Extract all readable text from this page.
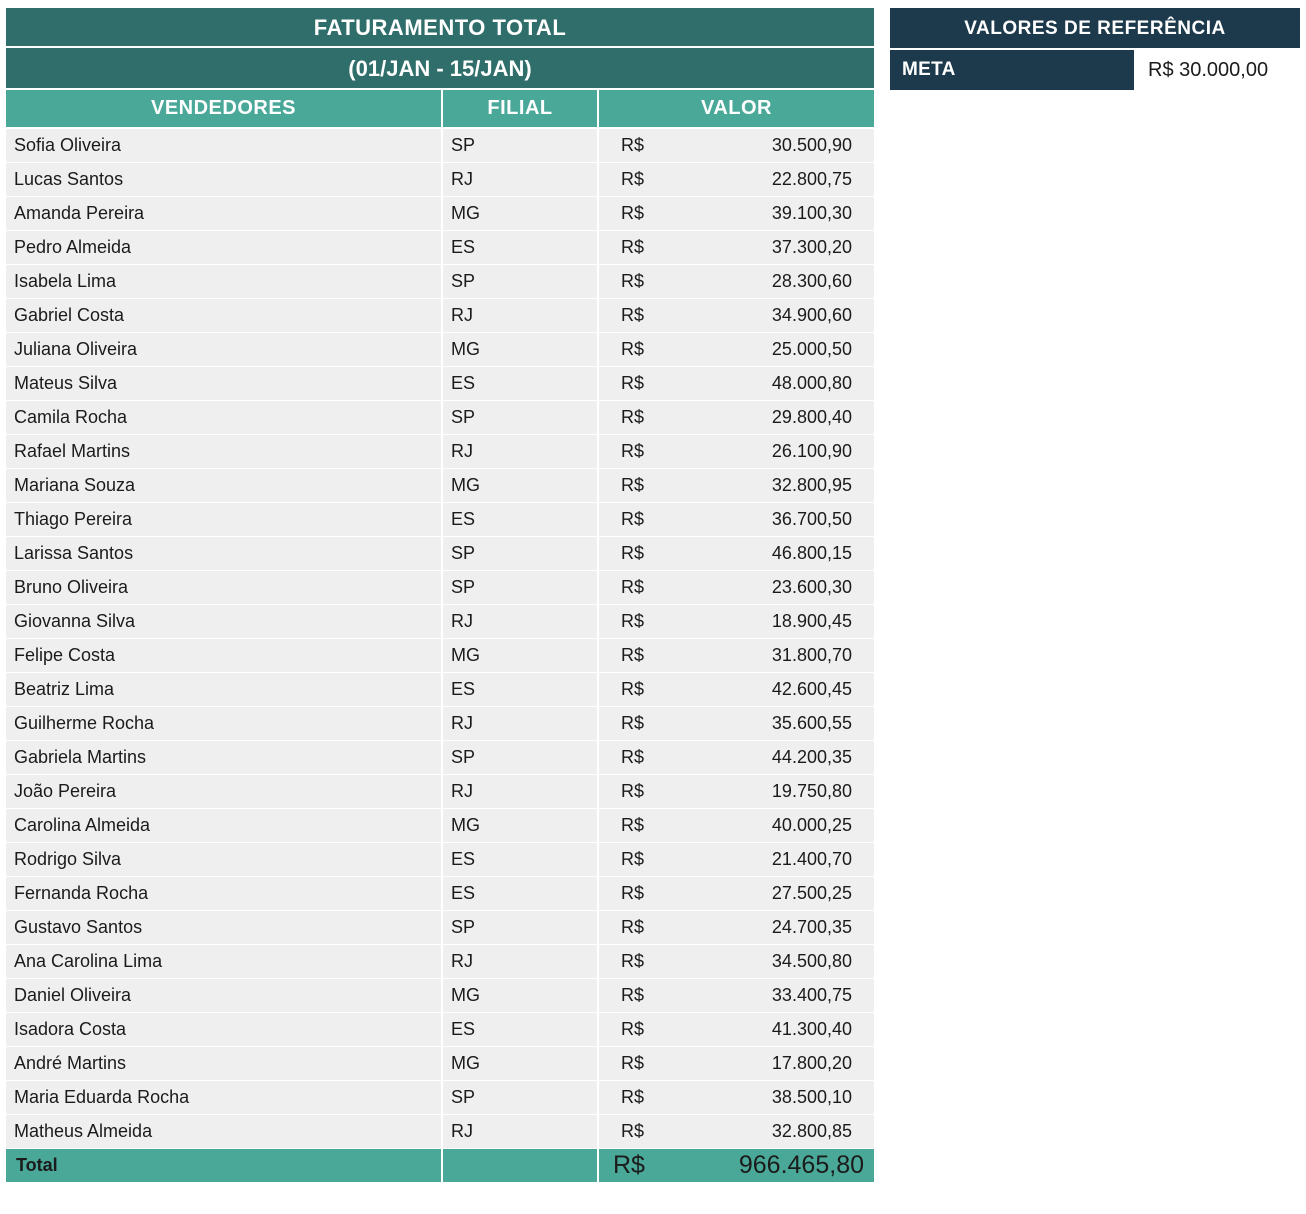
FATURAMENTO TOTAL
(01/JAN - 15/JAN)
VENDEDORES	FILIAL	VALOR
Sofia Oliveira	SP	R$ 30.500,90

Lucas Santos	RJ	R$ 22.800,75

Amanda Pereira	MG	R$ 39.100,30

Pedro Almeida	ES	R$ 37.300,20

Isabela Lima	SP	R$ 28.300,60

Gabriel Costa	RJ	R$ 34.900,60

Juliana Oliveira	MG	R$ 25.000,50

Mateus Silva	ES	R$ 48.000,80

Camila Rocha	SP	R$ 29.800,40

Rafael Martins	RJ	R$ 26.100,90

Mariana Souza	MG	R$ 32.800,95

Thiago Pereira	ES	R$ 36.700,50

Larissa Santos	SP	R$ 46.800,15

Bruno Oliveira	SP	R$ 23.600,30

Giovanna Silva	RJ	R$ 18.900,45

Felipe Costa	MG	R$ 31.800,70

Beatriz Lima	ES	R$ 42.600,45

Guilherme Rocha	RJ	R$ 35.600,55

Gabriela Martins	SP	R$ 44.200,35

João Pereira	RJ	R$ 19.750,80

Carolina Almeida	MG	R$ 40.000,25

Rodrigo Silva	ES	R$ 21.400,70

Fernanda Rocha	ES	R$ 27.500,25

Gustavo Santos	SP	R$ 24.700,35

Ana Carolina Lima	RJ	R$ 34.500,80

Daniel Oliveira	MG	R$ 33.400,75

Isadora Costa	ES	R$ 41.300,40

André Martins	MG	R$ 17.800,20

Maria Eduarda Rocha	SP	R$ 38.500,10

Matheus Almeida	RJ	R$ 32.800,85

Total		R$ 966.465,80
VALORES DE REFERÊNCIA
META	R$ 30.000,00
